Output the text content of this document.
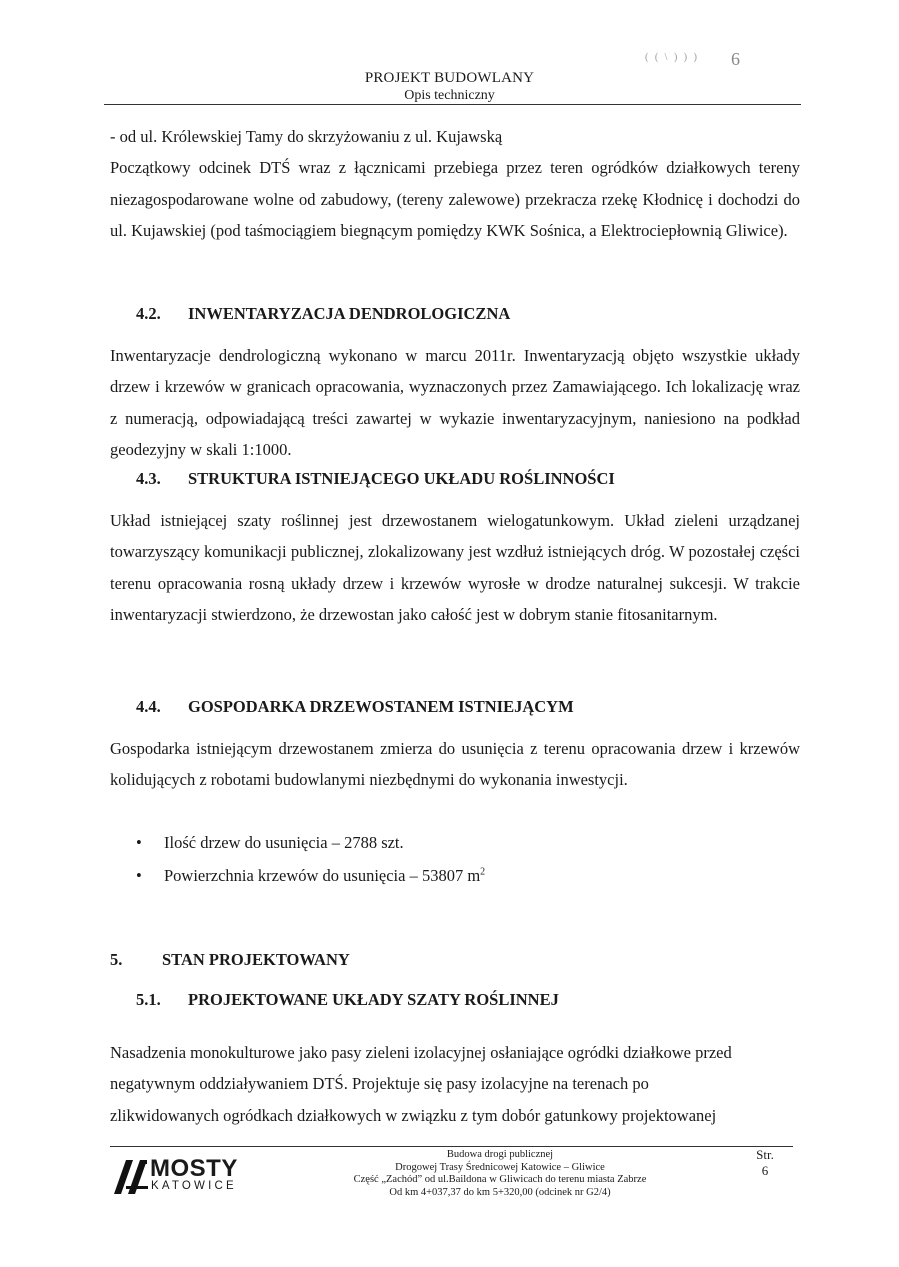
( ( \ ) ) ) 6
PROJEKT BUDOWLANY
Opis techniczny
- od ul. Królewskiej Tamy do skrzyżowaniu z ul. Kujawską
Początkowy odcinek DTŚ wraz z łącznicami przebiega przez teren ogródków działkowych tereny niezagospodarowane wolne od zabudowy, (tereny zalewowe) przekracza rzekę Kłodnicę i dochodzi do ul. Kujawskiej (pod taśmociągiem biegnącym pomiędzy KWK Sośnica, a Elektrociepłownią Gliwice).
4.2. INWENTARYZACJA DENDROLOGICZNA
Inwentaryzacje dendrologiczną wykonano w marcu 2011r. Inwentaryzacją objęto wszystkie układy drzew i krzewów w granicach opracowania, wyznaczonych przez Zamawiającego. Ich lokalizację wraz z numeracją, odpowiadającą treści zawartej w wykazie inwentaryzacyjnym, naniesiono na podkład geodezyjny w skali 1:1000.
4.3. STRUKTURA ISTNIEJĄCEGO UKŁADU ROŚLINNOŚCI
Układ istniejącej szaty roślinnej jest drzewostanem wielogatunkowym. Układ zieleni urządzanej towarzyszący komunikacji publicznej, zlokalizowany jest wzdłuż istniejących dróg. W pozostałej części terenu opracowania rosną układy drzew i krzewów wyrosłe w drodze naturalnej sukcesji. W trakcie inwentaryzacji stwierdzono, że drzewostan jako całość jest w dobrym stanie fitosanitarnym.
4.4. GOSPODARKA DRZEWOSTANEM ISTNIEJĄCYM
Gospodarka istniejącym drzewostanem zmierza do usunięcia z terenu opracowania drzew i krzewów kolidujących z robotami budowlanymi niezbędnymi do wykonania inwestycji.
• Ilość drzew do usunięcia – 2788 szt.
• Powierzchnia krzewów do usunięcia – 53807 $m^2$
5. STAN PROJEKTOWANY
5.1. PROJEKTOWANE UKŁADY SZATY ROŚLINNEJ
Nasadzenia monokulturowe jako pasy zieleni izolacyjnej osłaniające ogródki działkowe przed
negatywnym oddziaływaniem DTŚ. Projektuje się pasy izolacyjne na terenach po
zlikwidowanych ogródkach działkowych w związku z tym dobór gatunkowy projektowanej
MOSTY
KATOWICE
Budowa drogi publicznej
Drogowej Trasy Średnicowej Katowice – Gliwice
Część „Zachód” od ul.Baildona w Gliwicach do terenu miasta Zabrze
Od km 4+037,37 do km 5+320,00 (odcinek nr G2/4)
Str.
6
